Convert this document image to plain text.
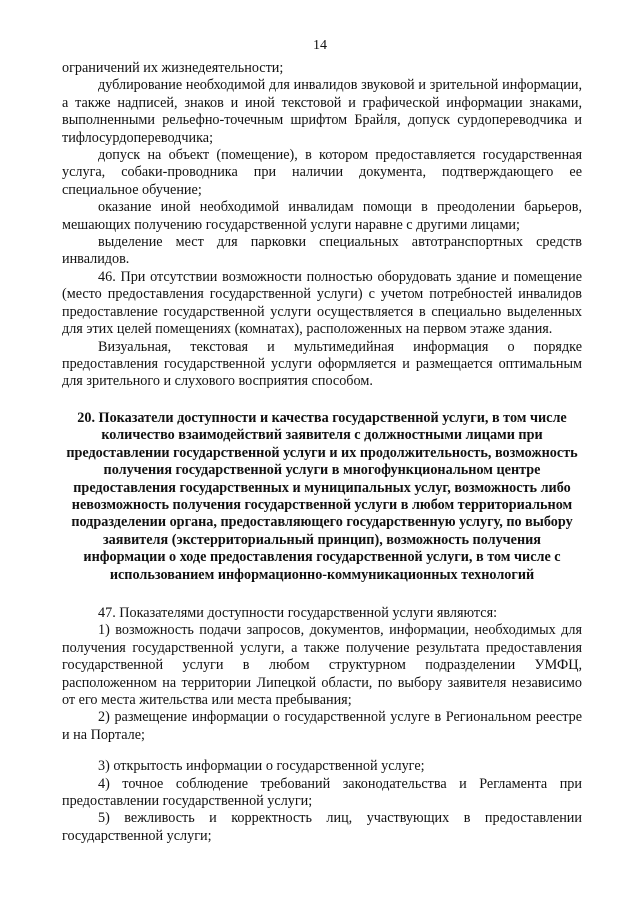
14

ограничений их жизнедеятельности;

дублирование необходимой для инвалидов звуковой и зрительной информации, а также надписей, знаков и иной текстовой и графической информации знаками, выполненными рельефно-точечным шрифтом Брайля, допуск сурдопереводчика и тифлосурдопереводчика;

допуск на объект (помещение), в котором предоставляется государственная услуга, собаки-проводника при наличии документа, подтверждающего ее специальное обучение;

оказание иной необходимой инвалидам помощи в преодолении барьеров, мешающих получению государственной услуги наравне с другими лицами;

выделение мест для парковки специальных автотранспортных средств инвалидов.

46. При отсутствии возможности полностью оборудовать здание и помещение (место предоставления государственной услуги) с учетом потребностей инвалидов предоставление государственной услуги осуществляется в специально выделенных для этих целей помещениях (комнатах), расположенных на первом этаже здания.

Визуальная, текстовая и мультимедийная информация о порядке предоставления государственной услуги оформляется и размещается оптимальным для зрительного и слухового восприятия способом.

20. Показатели доступности и качества государственной услуги, в том числе количество взаимодействий заявителя с должностными лицами при предоставлении государственной услуги и их продолжительность, возможность получения государственной услуги в многофункциональном центре предоставления государственных и муниципальных услуг, возможность либо невозможность получения государственной услуги в любом территориальном подразделении органа, предоставляющего государственную услугу, по выбору заявителя (экстерриториальный принцип), возможность получения информации о ходе предоставления государственной услуги, в том числе с использованием информационно-коммуникационных технологий

47. Показателями доступности государственной услуги являются:

1) возможность подачи запросов, документов, информации, необходимых для получения государственной услуги, а также получение результата предоставления государственной услуги в любом структурном подразделении УМФЦ, расположенном на территории Липецкой области, по выбору заявителя независимо от его места жительства или места пребывания;

2) размещение информации о государственной услуге в Региональном реестре и на Портале;

3) открытость информации о государственной услуге;

4) точное соблюдение требований законодательства и Регламента при предоставлении государственной услуги;

5) вежливость и корректность лиц, участвующих в предоставлении государственной услуги;
